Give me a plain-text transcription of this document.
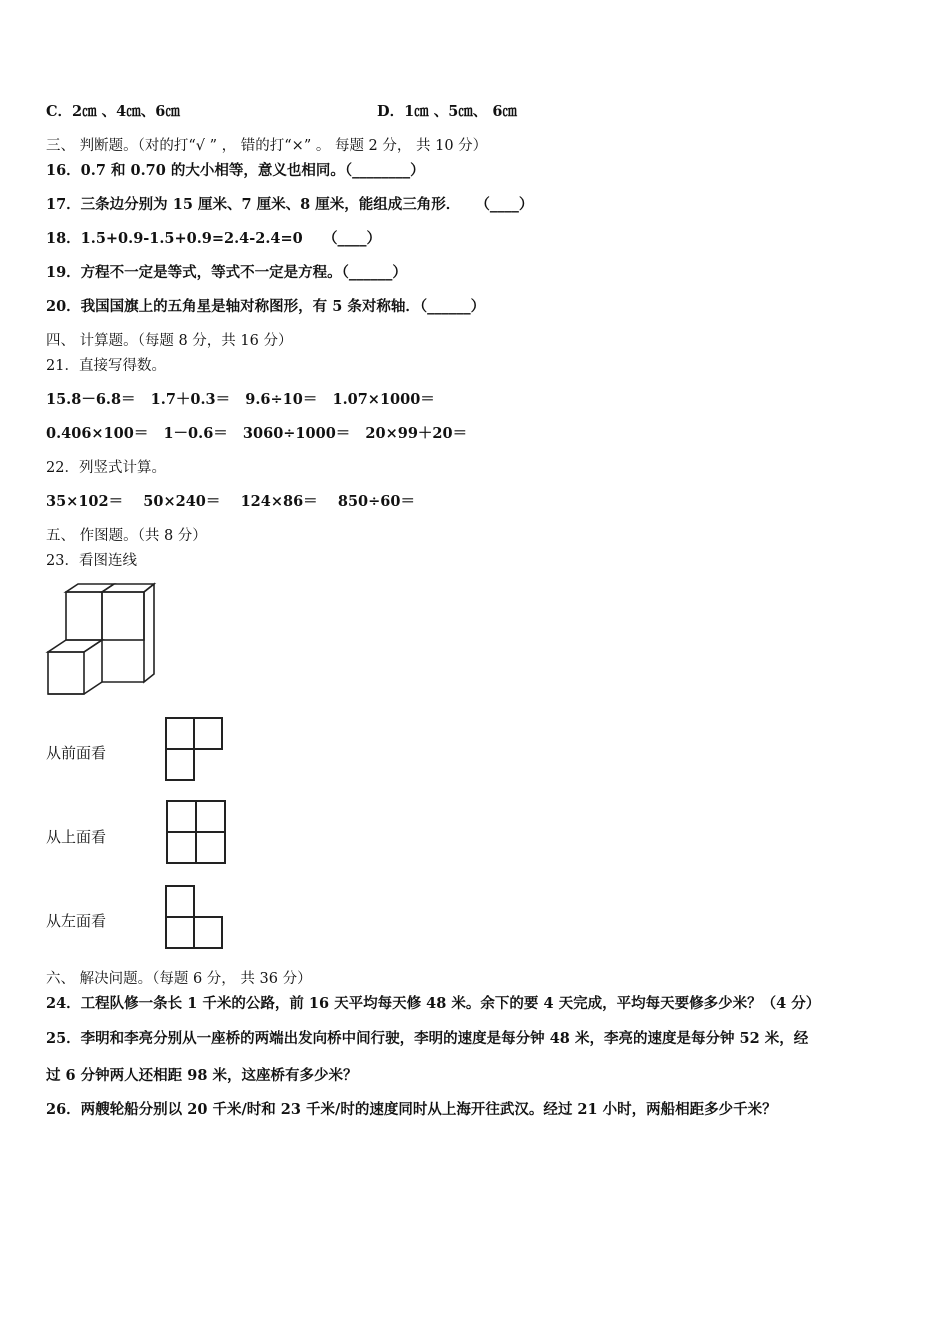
C．2㎝ 、4㎝、6㎝	D．1㎝ 、5㎝、 6㎝
三、 判断题。（对的打“√ ” ， 错的打“×” 。 每题 2 分， 共 10 分）
16．0.7 和 0.70 的大小相等，意义也相同。（________）
17．三条边分别为 15 厘米、7 厘米、8 厘米，能组成三角形．   （____）
18．1.5+0.9-1.5+0.9=2.4-2.4=0    （____）
19．方程不一定是等式，等式不一定是方程。（______）
20．我国国旗上的五角星是轴对称图形，有 5 条对称轴．（______）
四、 计算题。（每题 8 分，共 16 分）
21．直接写得数。
15.8－6.8＝   1.7＋0.3＝   9.6÷10＝   1.07×1000＝
0.406×100＝   1－0.6＝   3060÷1000＝   20×99＋20＝
22．列竖式计算。
35×102＝    50×240＝    124×86＝    850÷60＝
五、 作图题。（共 8 分）
23．看图连线
从前面看
从上面看
从左面看
六、 解决问题。（每题 6 分， 共 36 分）
24．工程队修一条长 1 千米的公路，前 16 天平均每天修 48 米。余下的要 4 天完成，平均每天要修多少米？（4 分）
25．李明和李亮分别从一座桥的两端出发向桥中间行驶，李明的速度是每分钟 48 米，李亮的速度是每分钟 52 米，经
过 6 分钟两人还相距 98 米，这座桥有多少米？
26．两艘轮船分别以 20 千米/时和 23 千米/时的速度同时从上海开往武汉。经过 21 小时，两船相距多少千米？
